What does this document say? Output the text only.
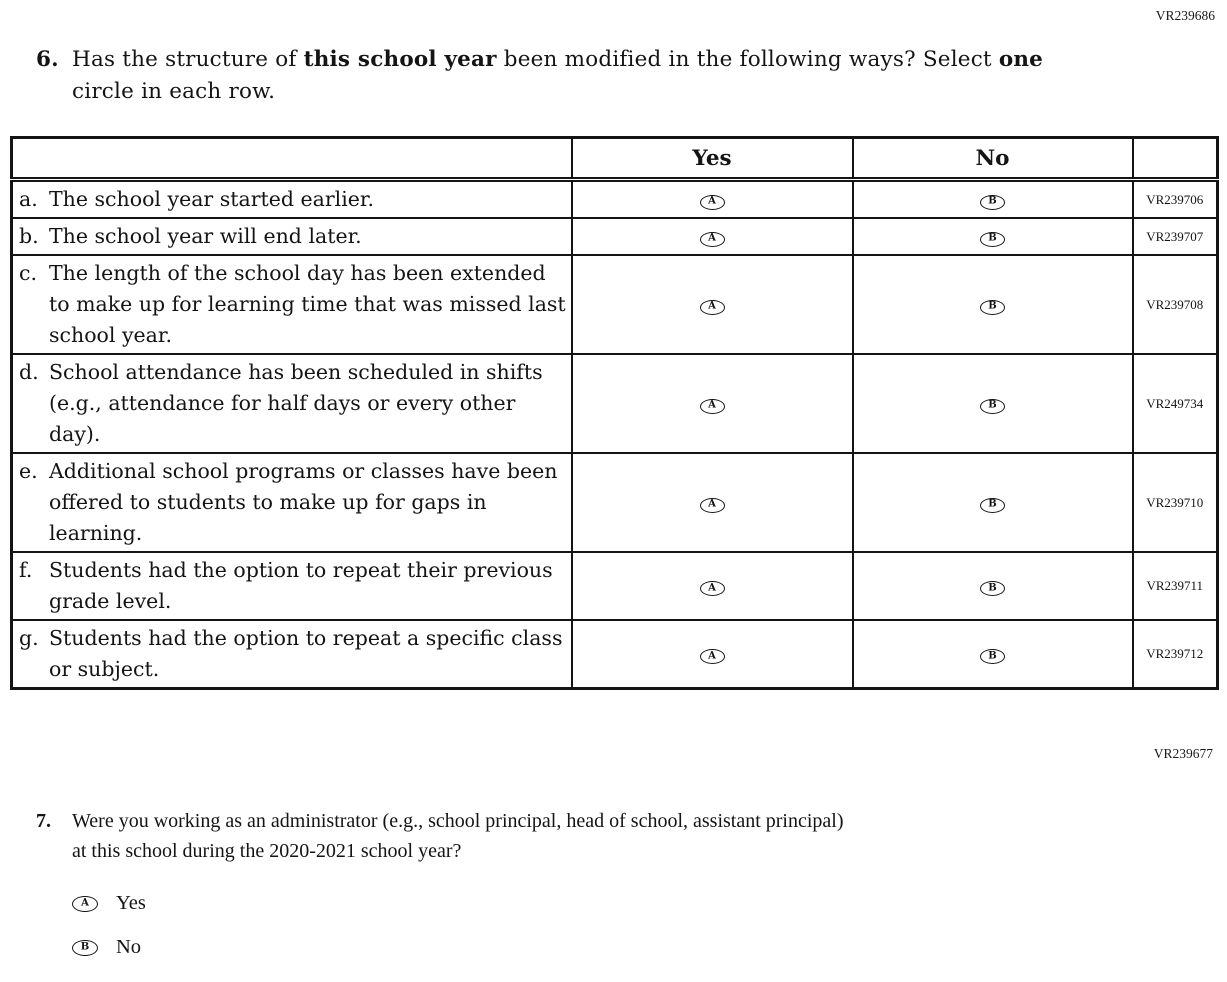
VR239686
6. Has the structure of this school year been modified in the following ways? Select one
circle in each row.
	Yes	No	

a. The school year started earlier.	A	B	VR239706

b. The school year will end later.	A	B	VR239707

c. The length of the school day has been extended to make up for learning time that was missed last school year.	A	B	VR239708

d. School attendance has been scheduled in shifts (e.g., attendance for half days or every other day).	A	B	VR249734

e. Additional school programs or classes have been offered to students to make up for gaps in learning.	A	B	VR239710

f. Students had the option to repeat their previous grade level.	A	B	VR239711

g. Students had the option to repeat a specific class or subject.	A	B	VR239712
VR239677
7.	Were you working as an administrator (e.g., school principal, head of school, assistant principal)
at this school during the 2020-2021 school year?
A Yes
B No
